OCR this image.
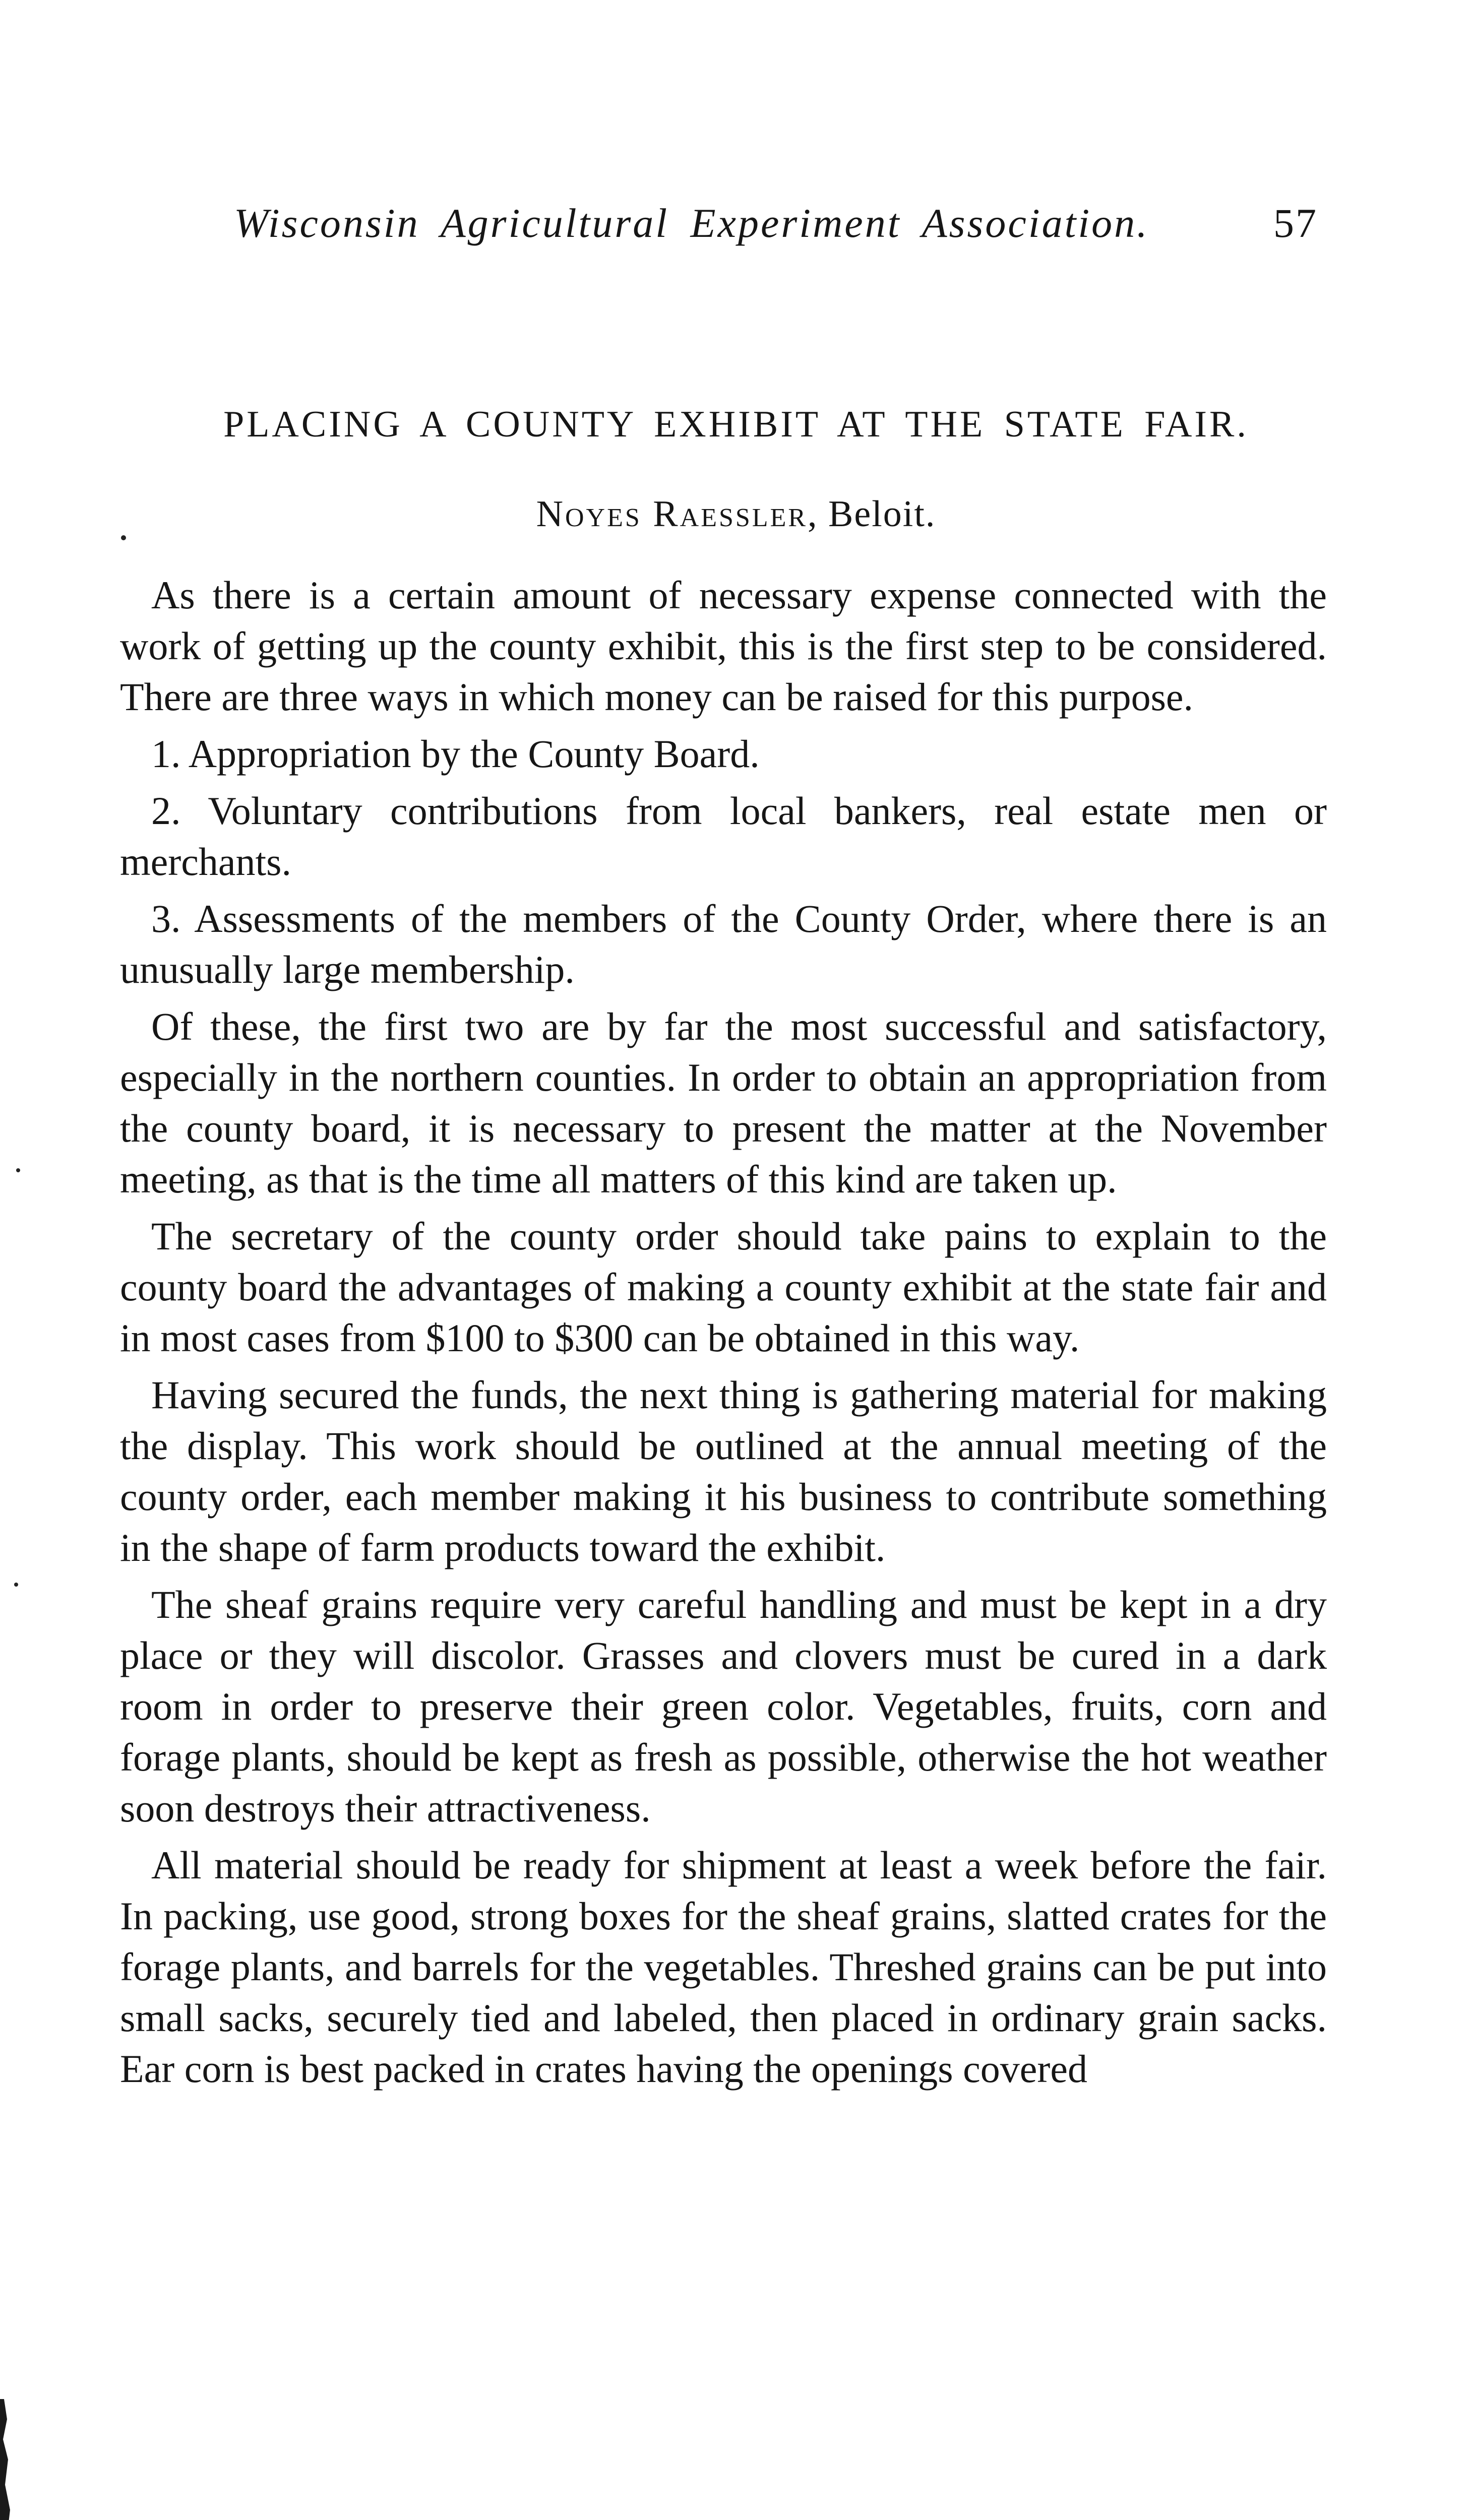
Wisconsin Agricultural Experiment Association.	57
PLACING A COUNTY EXHIBIT AT THE STATE FAIR.
Noyes Raessler, Beloit.

As there is a certain amount of necessary expense connected with the work of getting up the county exhibit, this is the first step to be considered. There are three ways in which money can be raised for this purpose.

1. Appropriation by the County Board.

2. Voluntary contributions from local bankers, real estate men or merchants.

3. Assessments of the members of the County Order, where there is an unusually large membership.

Of these, the first two are by far the most successful and satisfactory, especially in the northern counties. In order to obtain an appropriation from the county board, it is necessary to present the matter at the November meeting, as that is the time all matters of this kind are taken up.

The secretary of the county order should take pains to explain to the county board the advantages of making a county exhibit at the state fair and in most cases from $100 to $300 can be obtained in this way.

Having secured the funds, the next thing is gathering material for making the display. This work should be outlined at the annual meeting of the county order, each member making it his business to contribute something in the shape of farm products toward the exhibit.

The sheaf grains require very careful handling and must be kept in a dry place or they will discolor. Grasses and clovers must be cured in a dark room in order to preserve their green color. Vegetables, fruits, corn and forage plants, should be kept as fresh as possible, otherwise the hot weather soon destroys their attractiveness.

All material should be ready for shipment at least a week before the fair. In packing, use good, strong boxes for the sheaf grains, slatted crates for the forage plants, and barrels for the vegetables. Threshed grains can be put into small sacks, securely tied and labeled, then placed in ordinary grain sacks. Ear corn is best packed in crates having the openings covered
